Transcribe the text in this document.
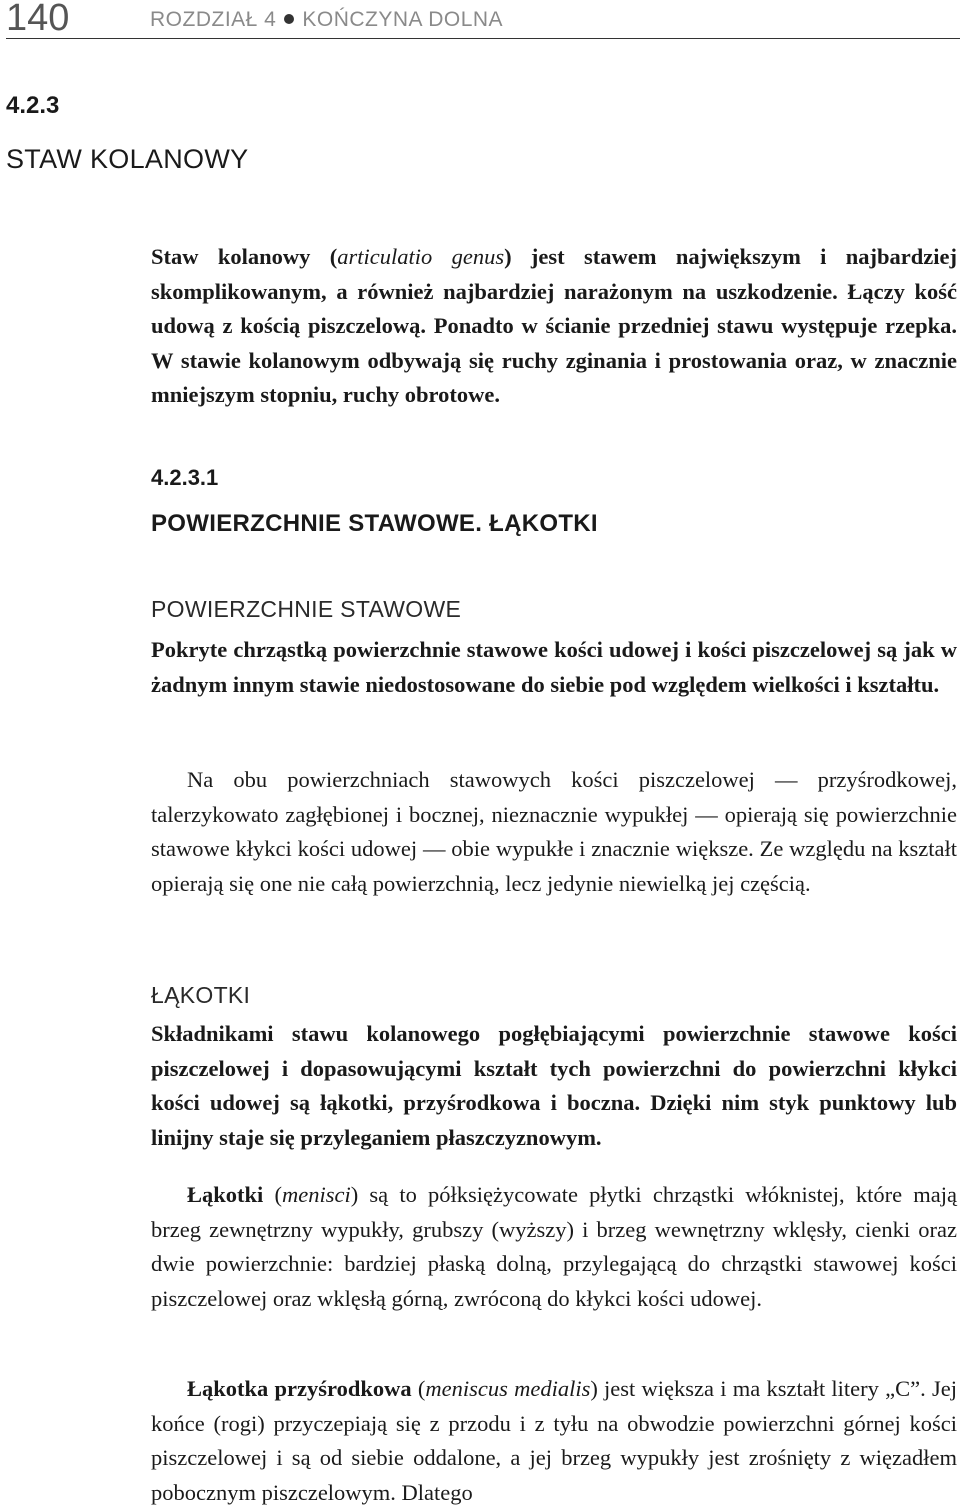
140	ROZDZIAŁ 4 KOŃCZYNA DOLNA
4.2.3
STAW KOLANOWY
Staw kolanowy (articulatio genus) jest stawem największym i najbardziej skomplikowanym, a również najbardziej narażonym na uszkodzenie. Łączy kość udową z kością piszczelową. Ponadto w ścianie przedniej stawu występuje rzepka. W stawie kolanowym odbywają się ruchy zginania i prostowania oraz, w znacznie mniejszym stopniu, ruchy obrotowe.
4.2.3.1
POWIERZCHNIE STAWOWE. ŁĄKOTKI
POWIERZCHNIE STAWOWE
Pokryte chrząstką powierzchnie stawowe kości udowej i kości piszczelowej są jak w żadnym innym stawie niedostosowane do siebie pod względem wielkości i kształtu.
Na obu powierzchniach stawowych kości piszczelowej — przyśrodkowej, talerzykowato zagłębionej i bocznej, nieznacznie wypukłej — opierają się powierzchnie stawowe kłykci kości udowej — obie wypukłe i znacznie większe. Ze względu na kształt opierają się one nie całą powierzchnią, lecz jedynie niewielką jej częścią.
ŁĄKOTKI
Składnikami stawu kolanowego pogłębiającymi powierzchnie stawowe kości piszczelowej i dopasowującymi kształt tych powierzchni do powierzchni kłykci kości udowej są łąkotki, przyśrodkowa i boczna. Dzięki nim styk punktowy lub linijny staje się przyleganiem płaszczyznowym.
Łąkotki (menisci) są to półksiężycowate płytki chrząstki włóknistej, które mają brzeg zewnętrzny wypukły, grubszy (wyższy) i brzeg wewnętrzny wklęsły, cienki oraz dwie powierzchnie: bardziej płaską dolną, przylegającą do chrząstki stawowej kości piszczelowej oraz wklęsłą górną, zwróconą do kłykci kości udowej.
Łąkotka przyśrodkowa (meniscus medialis) jest większa i ma kształt litery „C”. Jej końce (rogi) przyczepiają się z przodu i z tyłu na obwodzie powierzchni górnej kości piszczelowej i są od siebie oddalone, a jej brzeg wypukły jest zrośnięty z więzadłem pobocznym piszczelowym. Dlatego
